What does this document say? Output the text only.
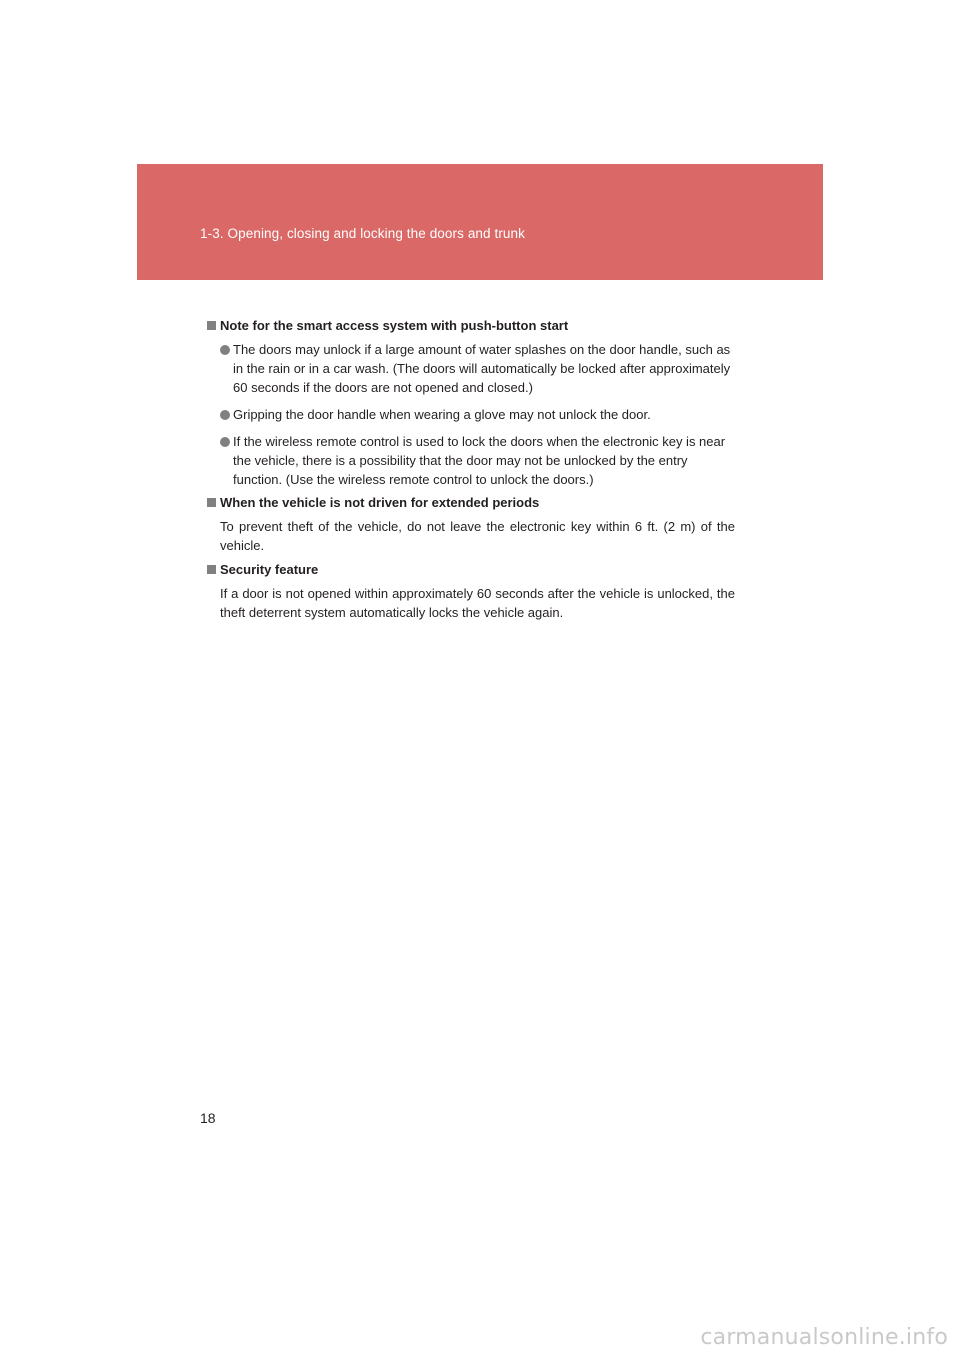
1-3. Opening, closing and locking the doors and trunk
Note for the smart access system with push-button start
The doors may unlock if a large amount of water splashes on the door handle, such as in the rain or in a car wash. (The doors will automatically be locked after approximately 60 seconds if the doors are not opened and closed.)
Gripping the door handle when wearing a glove may not unlock the door.
If the wireless remote control is used to lock the doors when the electronic key is near the vehicle, there is a possibility that the door may not be unlocked by the entry function. (Use the wireless remote control to unlock the doors.)
When the vehicle is not driven for extended periods
To prevent theft of the vehicle, do not leave the electronic key within 6 ft. (2 m) of the vehicle.
Security feature
If a door is not opened within approximately 60 seconds after the vehicle is unlocked, the theft deterrent system automatically locks the vehicle again.
18
carmanualsonline.info
